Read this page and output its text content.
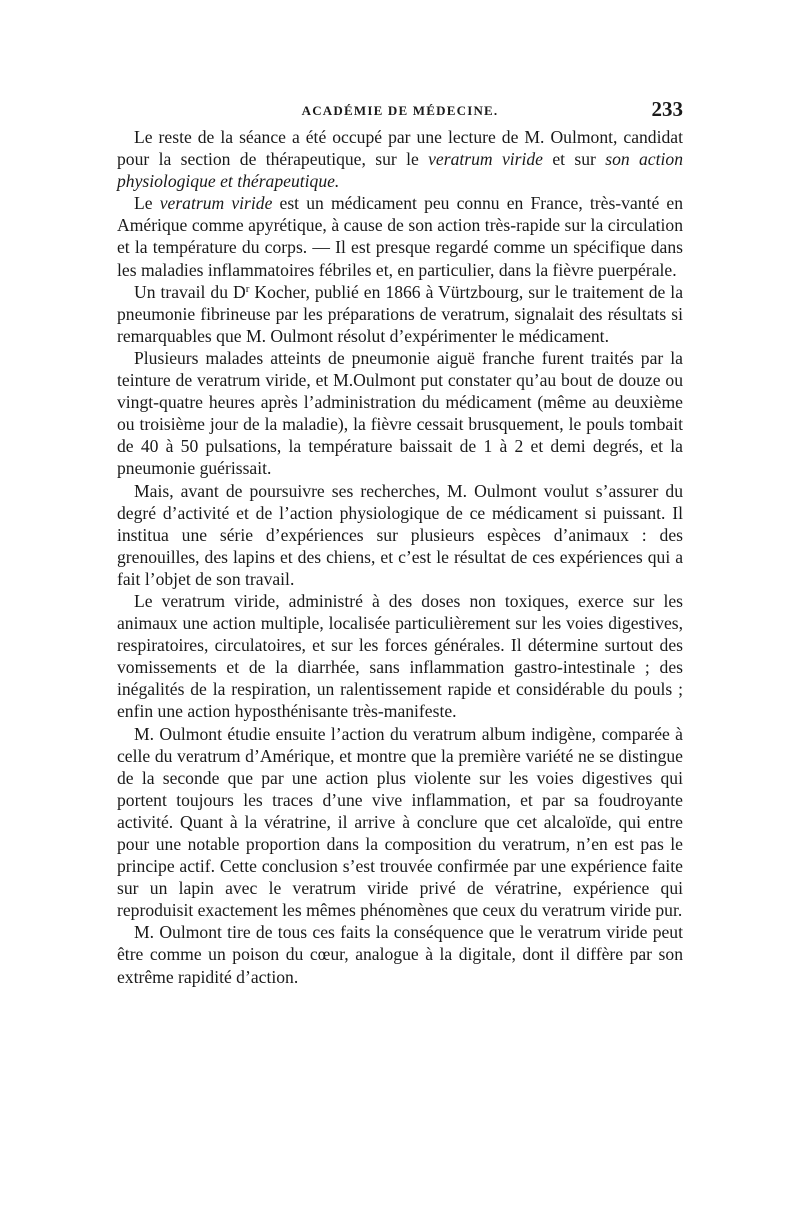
ACADÉMIE DE MÉDECINE.	233

Le reste de la séance a été occupé par une lecture de M. Oulmont, candidat pour la section de thérapeutique, sur le veratrum viride et sur son action physiologique et thérapeutique.

Le veratrum viride est un médicament peu connu en France, très-vanté en Amérique comme apyrétique, à cause de son action très-rapide sur la circulation et la température du corps. — Il est presque regardé comme un spécifique dans les maladies inflammatoires fébriles et, en particulier, dans la fièvre puerpérale.

Un travail du $D^r$ Kocher, publié en 1866 à Vürtzbourg, sur le traitement de la pneumonie fibrineuse par les préparations de veratrum, signalait des résultats si remarquables que M. Oulmont résolut d’expérimenter le médicament.

Plusieurs malades atteints de pneumonie aiguë franche furent traités par la teinture de veratrum viride, et M.Oulmont put constater qu’au bout de douze ou vingt-quatre heures après l’administration du médicament (même au deuxième ou troisième jour de la maladie), la fièvre cessait brusquement, le pouls tombait de 40 à 50 pulsations, la température baissait de 1 à 2 et demi degrés, et la pneumonie guérissait.

Mais, avant de poursuivre ses recherches, M. Oulmont voulut s’assurer du degré d’activité et de l’action physiologique de ce médicament si puissant. Il institua une série d’expériences sur plusieurs espèces d’animaux : des grenouilles, des lapins et des chiens, et c’est le résultat de ces expériences qui a fait l’objet de son travail.

Le veratrum viride, administré à des doses non toxiques, exerce sur les animaux une action multiple, localisée particulièrement sur les voies digestives, respiratoires, circulatoires, et sur les forces générales. Il détermine surtout des vomissements et de la diarrhée, sans inflammation gastro-intestinale ; des inégalités de la respiration, un ralentissement rapide et considérable du pouls ; enfin une action hyposthénisante très-manifeste.

M. Oulmont étudie ensuite l’action du veratrum album indigène, comparée à celle du veratrum d’Amérique, et montre que la première variété ne se distingue de la seconde que par une action plus violente sur les voies digestives qui portent toujours les traces d’une vive inflammation, et par sa foudroyante activité. Quant à la vératrine, il arrive à conclure que cet alcaloïde, qui entre pour une notable proportion dans la composition du veratrum, n’en est pas le principe actif. Cette conclusion s’est trouvée confirmée par une expérience faite sur un lapin avec le veratrum viride privé de vératrine, expérience qui reproduisit exactement les mêmes phénomènes que ceux du veratrum viride pur.

M. Oulmont tire de tous ces faits la conséquence que le veratrum viride peut être comme un poison du cœur, analogue à la digitale, dont il diffère par son extrême rapidité d’action.
